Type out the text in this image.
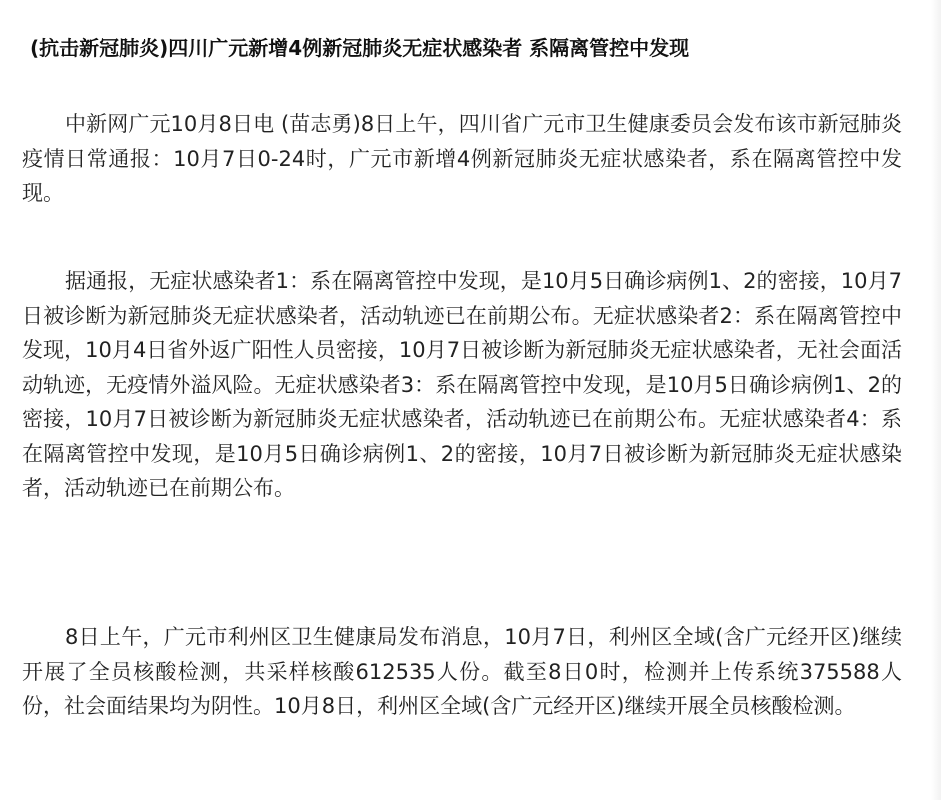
(抗击新冠肺炎)四川广元新增4例新冠肺炎无症状感染者 系隔离管控中发现

中新网广元10月8日电 (苗志勇)8日上午，四川省广元市卫生健康委员会发布该市新冠肺炎疫情日常通报：10月7日0-24时，广元市新增4例新冠肺炎无症状感染者，系在隔离管控中发现。

据通报，无症状感染者1：系在隔离管控中发现，是10月5日确诊病例1、2的密接，10月7日被诊断为新冠肺炎无症状感染者，活动轨迹已在前期公布。无症状感染者2：系在隔离管控中发现，10月4日省外返广阳性人员密接，10月7日被诊断为新冠肺炎无症状感染者，无社会面活动轨迹，无疫情外溢风险。无症状感染者3：系在隔离管控中发现，是10月5日确诊病例1、2的密接，10月7日被诊断为新冠肺炎无症状感染者，活动轨迹已在前期公布。无症状感染者4：系在隔离管控中发现，是10月5日确诊病例1、2的密接，10月7日被诊断为新冠肺炎无症状感染者，活动轨迹已在前期公布。

8日上午，广元市利州区卫生健康局发布消息，10月7日，利州区全域(含广元经开区)继续开展了全员核酸检测，共采样核酸612535人份。截至8日0时，检测并上传系统375588人份，社会面结果均为阴性。10月8日，利州区全域(含广元经开区)继续开展全员核酸检测。
